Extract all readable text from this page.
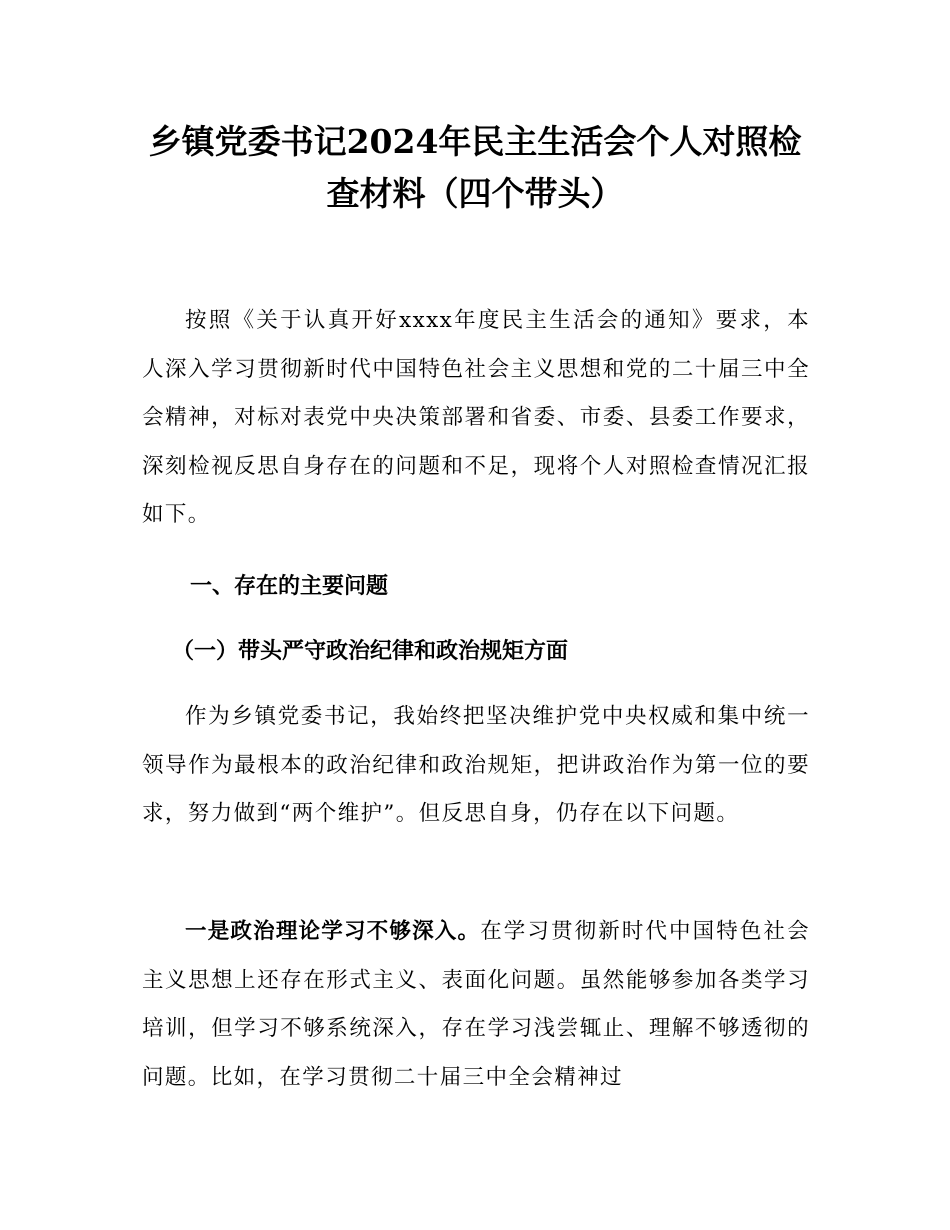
乡镇党委书记2024年民主生活会个人对照检
查材料（四个带头）

按照《关于认真开好xxxx年度民主生活会的通知》要求，本人深入学习贯彻新时代中国特色社会主义思想和党的二十届三中全会精神，对标对表党中央决策部署和省委、市委、县委工作要求，深刻检视反思自身存在的问题和不足，现将个人对照检查情况汇报如下。

一、存在的主要问题
（一）带头严守政治纪律和政治规矩方面

作为乡镇党委书记，我始终把坚决维护党中央权威和集中统一领导作为最根本的政治纪律和政治规矩，把讲政治作为第一位的要求，努力做到“两个维护”。但反思自身，仍存在以下问题。

一是政治理论学习不够深入。在学习贯彻新时代中国特色社会主义思想上还存在形式主义、表面化问题。虽然能够参加各类学习培训，但学习不够系统深入，存在学习浅尝辄止、理解不够透彻的问题。比如，在学习贯彻二十届三中全会精神过
